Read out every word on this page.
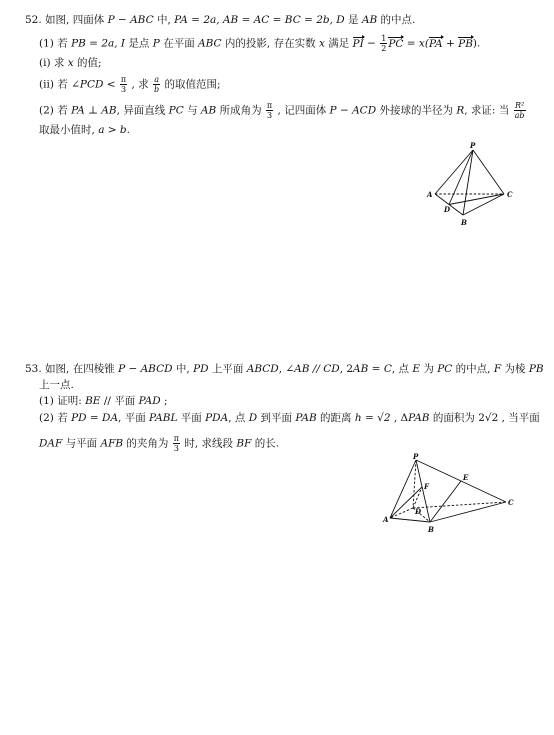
52. 如图, 四面体 P − ABC 中, PA = 2a, AB = AC = BC = 2b, D 是 AB 的中点.
(1) 若 PB = 2a, I 是点 P 在平面 ABC 内的投影, 存在实数 x 满足 PI − $\frac{1}{2}$ PC = x(PA + PB).
(i) 求 x 的值;
(ii) 若 ∠PCD < $\frac{\pi}{3}$ , 求 $\frac{a}{b}$ 的取值范围;
(2) 若 PA ⊥ AB, 异面直线 PC 与 AB 所成角为 $\frac{\pi}{3}$ , 记四面体 P − ACD 外接球的半径为 R, 求证: 当 $\frac{\text{R²}}{ab}$
取最小值时, a > b.
P
A
B
C
D
53. 如图, 在四棱锥 P − ABCD 中, PD 上平面 ABCD, ∠AB // CD, 2AB = C, 点 E 为 PC 的中点, F 为棱 PB
上一点.
(1) 证明: BE // 平面 PAD ;
(2) 若 PD = DA, 平面 PABL 平面 PDA, 点 D 到平面 PAB 的距离 h = √2 , ΔPAB 的面积为 2√2 , 当平面
DAF 与平面 AFB 的夹角为 $\frac{\pi}{3}$ 时, 求线段 BF 的长.
P
A
B
C
D
E
F
